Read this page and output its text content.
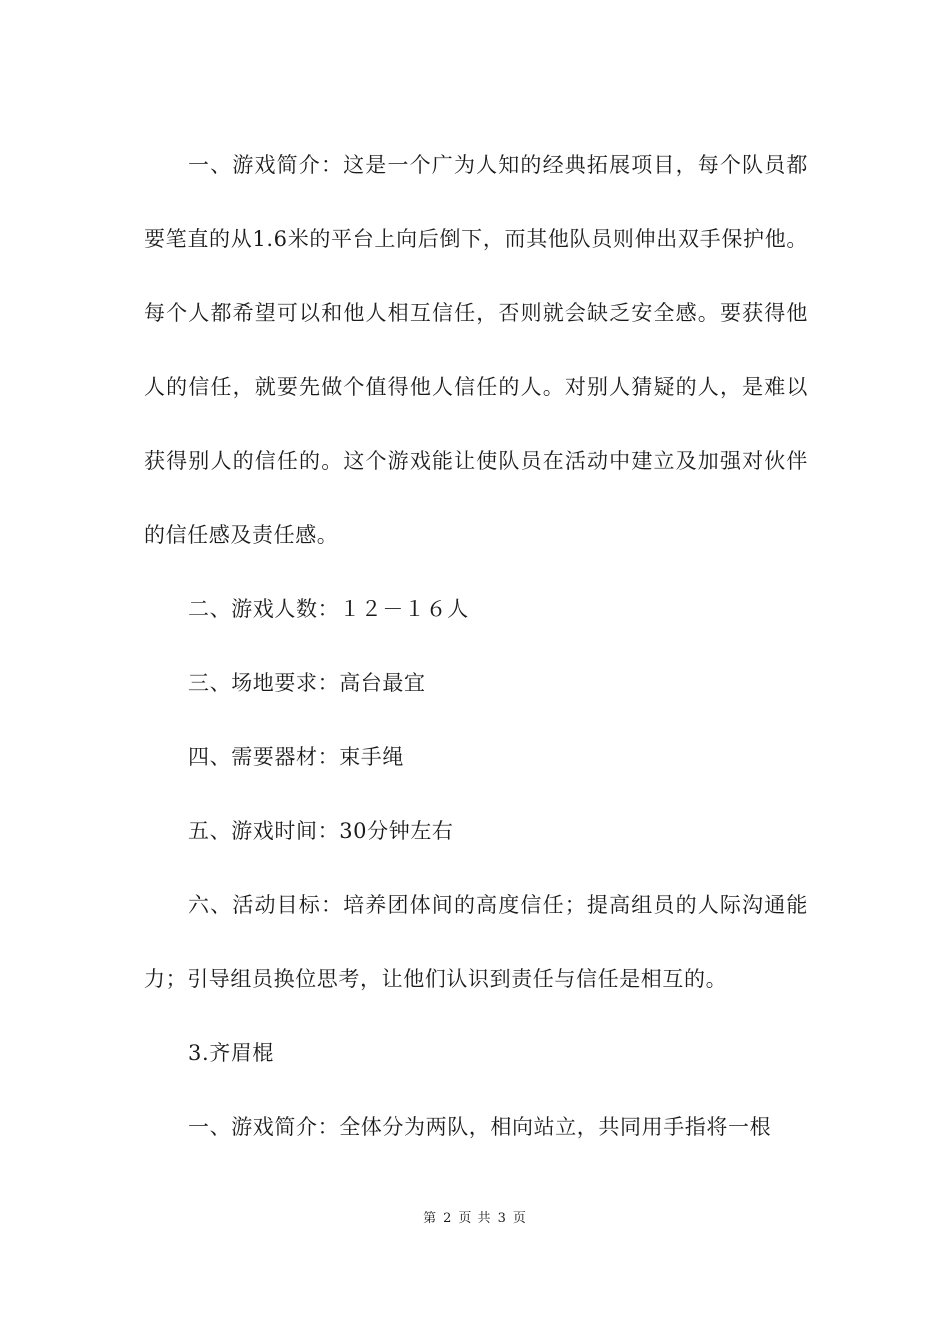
一、游戏简介：这是一个广为人知的经典拓展项目，每个队员都要笔直的从1.6米的平台上向后倒下，而其他队员则伸出双手保护他。每个人都希望可以和他人相互信任，否则就会缺乏安全感。要获得他人的信任，就要先做个值得他人信任的人。对别人猜疑的人，是难以获得别人的信任的。这个游戏能让使队员在活动中建立及加强对伙伴的信任感及责任感。

二、游戏人数：１２－１６人

三、场地要求：高台最宜

四、需要器材：束手绳

五、游戏时间：30分钟左右

六、活动目标：培养团体间的高度信任；提高组员的人际沟通能力；引导组员换位思考，让他们认识到责任与信任是相互的。

3.齐眉棍

一、游戏简介：全体分为两队，相向站立，共同用手指将一根

第 2 页 共 3 页
